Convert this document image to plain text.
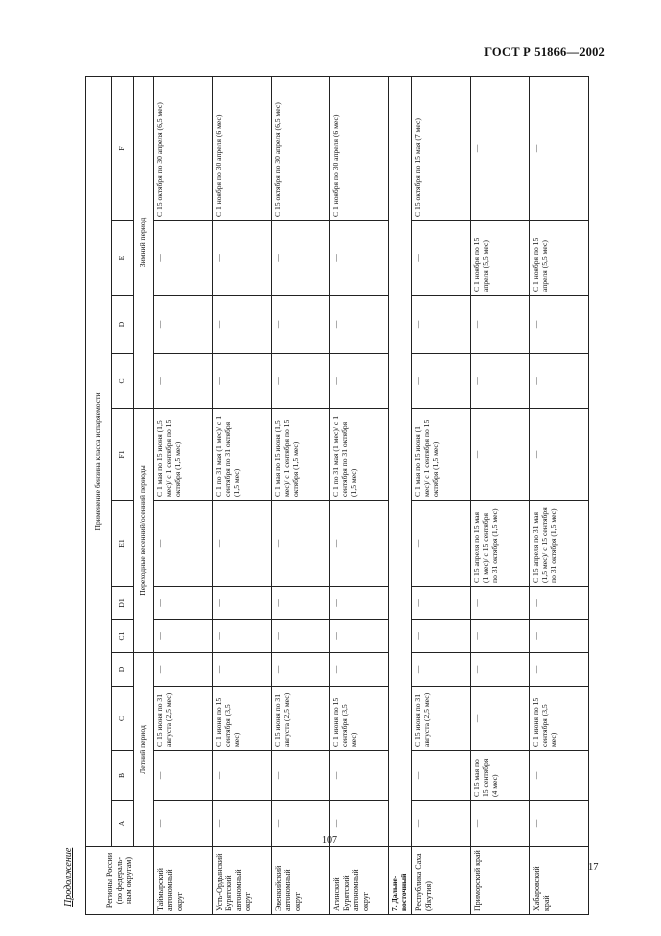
ГОСТ Р 51866—2002
Продолжение	Регионы России (по федераль- ным округам)	Применение бензина класса испаряемости											
	A	B	C	D	C1	D1	E1	F1	C	D	E	F
	Летний период				Переходные весенний/осенний периоды				Зимний период			
Таймырский автономный округ	—	—	С 15 июня по 31 августа (2,5 мес)	—	—	—	—	С 1 мая по 15 июня (1,5 мес)/ с 1 сентября по 15 октября (1,5 мес)	—	—	—	С 15 октября по 30 апреля (6,5 мес)
Усть-Ордынский Бурятский автономный округ	—	—	С 1 июня по 15 сентября (3,5 мес)	—	—	—	—	С 1 по 31 мая (1 мес)/ с 1 сентября по 31 октября (1,5 мес)	—	—	—	С 1 ноября по 30 апреля (6 мес)
Эвенкийский автономный округ	—	—	С 15 июня по 31 августа (2,5 мес)	—	—	—	—	С 1 мая по 15 июня (1,5 мес)/ с 1 сентября по 15 октября (1,5 мес)	—	—	—	С 15 октября по 30 апреля (6,5 мес)
Агинский Бурятский автономный округ	—	—	С 1 июня по 15 сентября (3,5 мес)	—	—	—	—	С 1 по 31 мая (1 мес)/ с 1 сентября по 31 октября (1,5 мес)	—	—	—	С 1 ноября по 30 апреля (6 мес)
7. Дальне- восточный												
Республика Саха (Якутия)	—	—	С 15 июня по 31 августа (2,5 мес)	—	—	—	—	С 1 мая по 15 июня (1 мес)/ с 1 сентября по 15 октября (1,5 мес)	—	—	—	С 15 октября по 15 мая (7 мес)
Приморский край	—	С 15 мая по 15 сентября (4 мес)	—	—	—	—	С 15 апреля по 15 мая (1 мес)/ с 15 сентября по 31 октября (1,5 мес)	—	—	—	С 1 ноября по 15 апреля (5,5 мес)	—

Хабаровский край	—	—	С 1 июня по 15 сентября (3,5 мес)	—	—	—	С 15 апреля по 31 мая (1,5 мес)/ с 15 сентября по 31 октября (1,5 мес)	—	—	—	С 1 ноября по 15 апреля (5,5 мес)	—
107
17
